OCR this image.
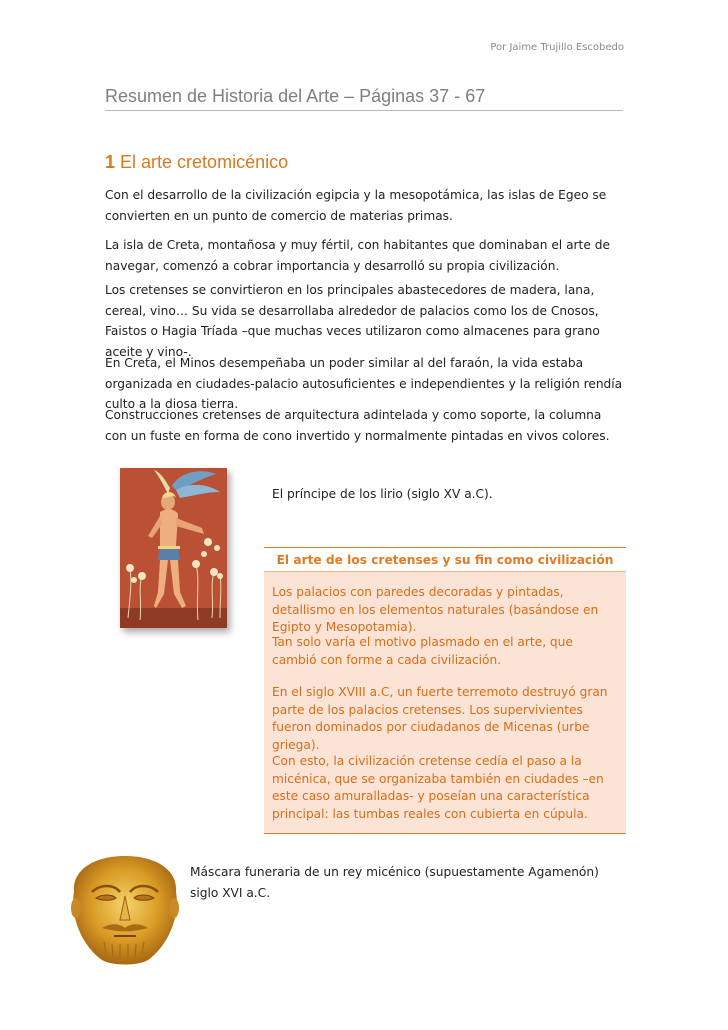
Por Jaime Trujillo Escobedo
Resumen de Historia del Arte – Páginas 37 - 67
1 El arte cretomicénico
Con el desarrollo de la civilización egipcia y la mesopotámica, las islas de Egeo se convierten en un punto de comercio de materias primas.
La isla de Creta, montañosa y muy fértil, con habitantes que dominaban el arte de navegar, comenzó a cobrar importancia y desarrolló su propia civilización.
Los cretenses se convirtieron en los principales abastecedores de madera, lana, cereal, vino… Su vida se desarrollaba alrededor de palacios como los de Cnosos, Faistos o Hagia Tríada –que muchas veces utilizaron como almacenes para grano aceite y vino-.
En Creta, el Minos desempeñaba un poder similar al del faraón, la vida estaba organizada en ciudades-palacio autosuficientes e independientes y la religión rendía culto a la diosa tierra.
Construcciones cretenses de arquitectura adintelada y como soporte, la columna con un fuste en forma de cono invertido y normalmente pintadas en vivos colores.
El príncipe de los lirio (siglo XV a.C).
El arte de los cretenses y su fin como civilización
Los palacios con paredes decoradas y pintadas, detallismo en los elementos naturales (basándose en Egipto y Mesopotamia).
Tan solo varía el motivo plasmado en el arte, que cambió con forme a cada civilización.
En el siglo XVIII a.C, un fuerte terremoto destruyó gran parte de los palacios cretenses. Los supervivientes fueron dominados por ciudadanos de Micenas (urbe griega).
Con esto, la civilización cretense cedía el paso a la micénica, que se organizaba también en ciudades –en este caso amuralladas- y poseían una característica principal: las tumbas reales con cubierta en cúpula.
Máscara funeraria de un rey micénico (supuestamente Agamenón) siglo XVI a.C.
